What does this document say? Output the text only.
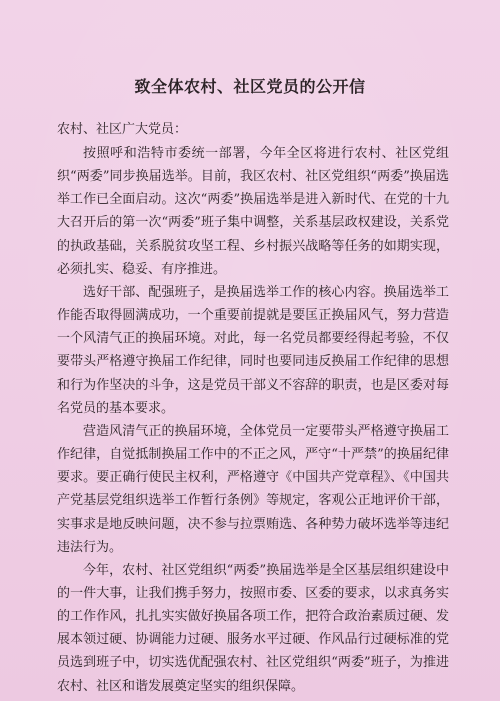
致全体农村、社区党员的公开信

农村、社区广大党员：

按照呼和浩特市委统一部署，今年全区将进行农村、社区党组织“两委”同步换届选举。目前，我区农村、社区党组织“两委”换届选举工作已全面启动。这次“两委”换届选举是进入新时代、在党的十九大召开后的第一次“两委”班子集中调整，关系基层政权建设，关系党的执政基础，关系脱贫攻坚工程、乡村振兴战略等任务的如期实现，必须扎实、稳妥、有序推进。

选好干部、配强班子，是换届选举工作的核心内容。换届选举工作能否取得圆满成功，一个重要前提就是要匡正换届风气，努力营造一个风清气正的换届环境。对此，每一名党员都要经得起考验，不仅要带头严格遵守换届工作纪律，同时也要同违反换届工作纪律的思想和行为作坚决的斗争，这是党员干部义不容辞的职责，也是区委对每名党员的基本要求。

营造风清气正的换届环境，全体党员一定要带头严格遵守换届工作纪律，自觉抵制换届工作中的不正之风，严守“十严禁”的换届纪律要求。要正确行使民主权利，严格遵守《中国共产党章程》、《中国共产党基层党组织选举工作暂行条例》等规定，客观公正地评价干部，实事求是地反映问题，决不参与拉票贿选、各种势力破坏选举等违纪违法行为。

今年，农村、社区党组织“两委”换届选举是全区基层组织建设中的一件大事，让我们携手努力，按照市委、区委的要求，以求真务实的工作作风，扎扎实实做好换届各项工作，把符合政治素质过硬、发展本领过硬、协调能力过硬、服务水平过硬、作风品行过硬标准的党员选到班子中，切实选优配强农村、社区党组织“两委”班子，为推进农村、社区和谐发展奠定坚实的组织保障。
